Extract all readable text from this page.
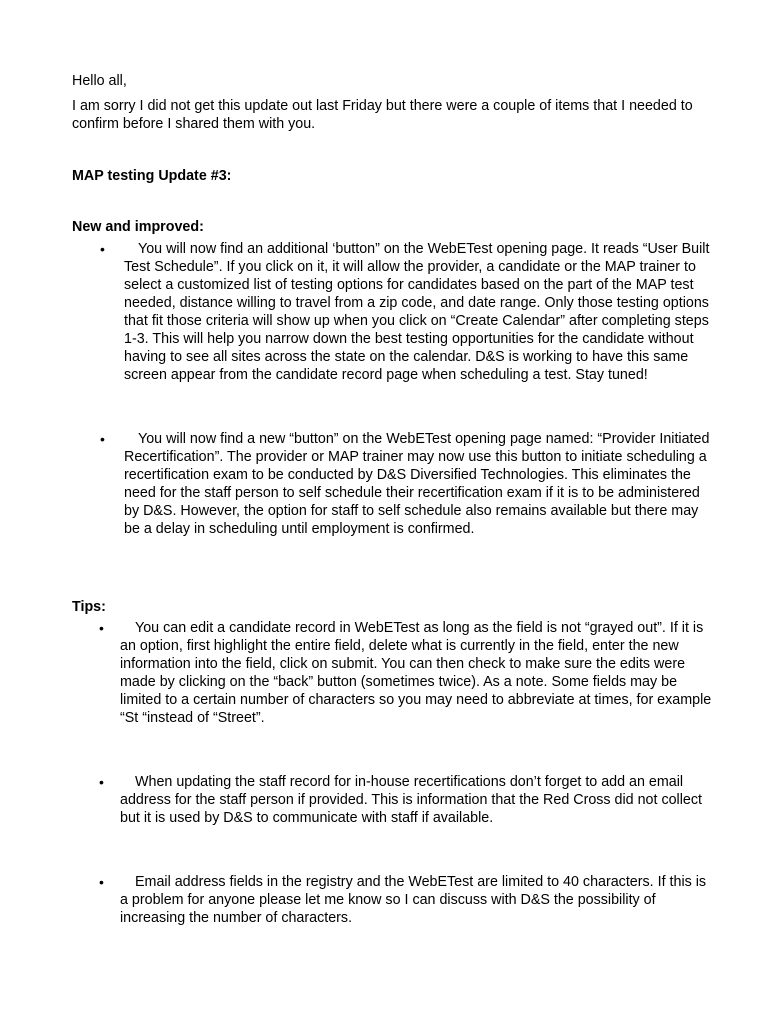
Hello all,

I am sorry I did not get this update out last Friday but there were a couple of items that I needed to confirm before I shared them with you.

MAP testing Update #3:

New and improved:

•	You will now find an additional ‘button” on the WebETest opening page. It reads “User Built Test Schedule”. If you click on it, it will allow the provider, a candidate or the MAP trainer to select a customized list of testing options for candidates based on the part of the MAP test needed, distance willing to travel from a zip code, and date range. Only those testing options that fit those criteria will show up when you click on “Create Calendar” after completing steps 1-3. This will help you narrow down the best testing opportunities for the candidate without having to see all sites across the state on the calendar. D&S is working to have this same screen appear from the candidate record page when scheduling a test. Stay tuned!
•	You will now find a new “button” on the WebETest opening page named: “Provider Initiated Recertification”. The provider or MAP trainer may now use this button to initiate scheduling a recertification exam to be conducted by D&S Diversified Technologies. This eliminates the need for the staff person to self schedule their recertification exam if it is to be administered by D&S. However, the option for staff to self schedule also remains available but there may be a delay in scheduling until employment is confirmed.

Tips:

•	You can edit a candidate record in WebETest as long as the field is not “grayed out”. If it is an option, first highlight the entire field, delete what is currently in the field, enter the new information into the field, click on submit. You can then check to make sure the edits were made by clicking on the “back” button (sometimes twice). As a note. Some fields may be limited to a certain number of characters so you may need to abbreviate at times, for example “St “instead of “Street”.
•	When updating the staff record for in-house recertifications don’t forget to add an email address for the staff person if provided. This is information that the Red Cross did not collect but it is used by D&S to communicate with staff if available.
•	Email address fields in the registry and the WebETest are limited to 40 characters. If this is a problem for anyone please let me know so I can discuss with D&S the possibility of increasing the number of characters.
